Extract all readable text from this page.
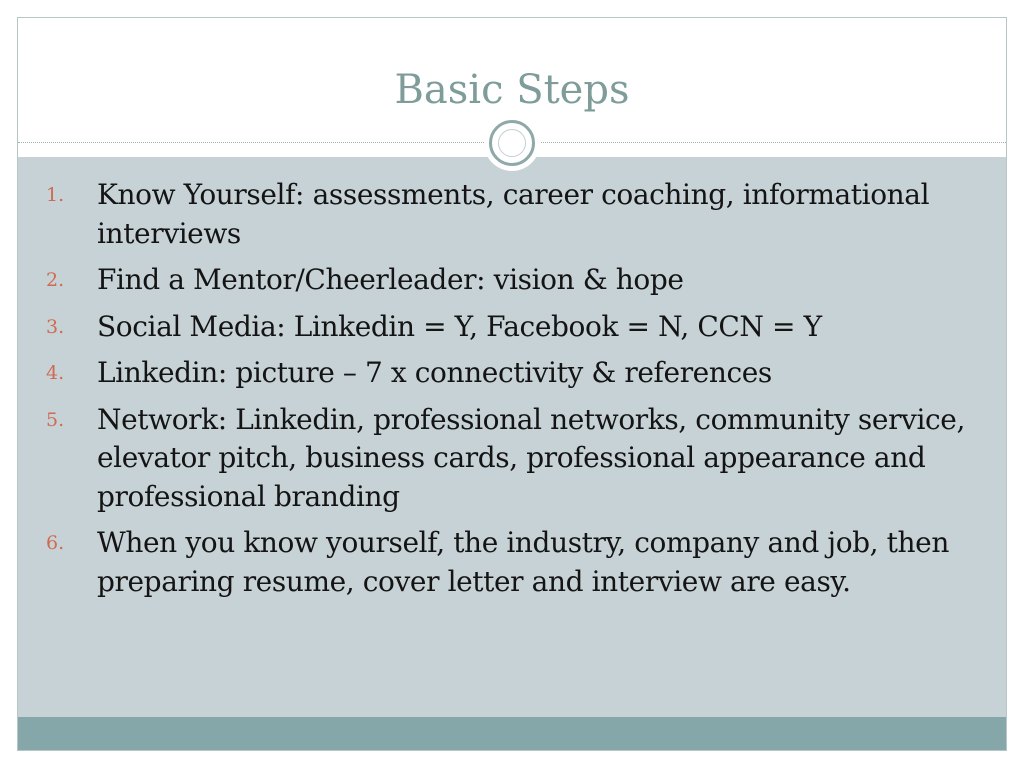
Basic Steps
1. Know Yourself: assessments, career coaching, informational interviews
2. Find a Mentor/Cheerleader: vision & hope
3. Social Media: Linkedin = Y, Facebook = N, CCN = Y
4. Linkedin: picture – 7 x connectivity & references
5. Network: Linkedin, professional networks, community service, elevator pitch, business cards, professional appearance and professional branding
6. When you know yourself, the industry, company and job, then preparing resume, cover letter and interview are easy.
